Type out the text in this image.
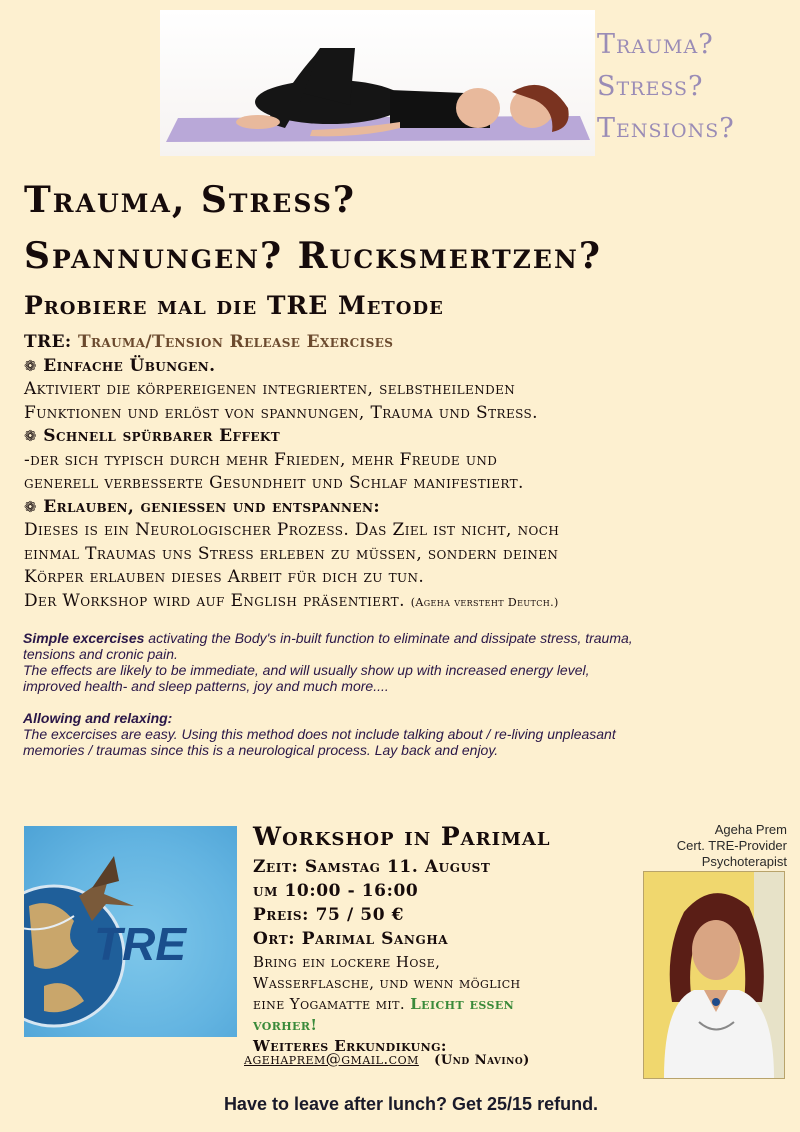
Trauma?
Stress?
Tensions?
Trauma, Stress?
Spannungen? Rucksmertzen?
Probiere mal die TRE Metode
TRE: Trauma/Tension Release Exercises
❁ Einfache Übungen.
Aktiviert die körpereigenen integrierten, selbstheilenden
Funktionen und erlöst von spannungen, Trauma und Stress.
❁ Schnell spürbarer Effekt
-der sich typisch durch mehr Frieden, mehr Freude und
generell verbesserte Gesundheit und Schlaf manifestiert.
❁ Erlauben, geniessen und entspannen:
Dieses is ein Neurologischer Prozess. Das Ziel ist nicht, noch
einmal Traumas uns Stress erleben zu müssen, sondern deinen
Körper erlauben dieses Arbeit für dich zu tun.
Der Workshop wird auf English präsentiert. (Ageha versteht Deutch.)

Simple excercises activating the Body's in-built function to eliminate and dissipate stress, trauma,
tensions and cronic pain.
The effects are likely to be immediate, and will usually show up with increased energy level,
improved health- and sleep patterns, joy and much more....

Allowing and relaxing:
The excercises are easy. Using this method does not include talking about / re-living unpleasant
memories / traumas since this is a neurological process. Lay back and enjoy.

TRE
Workshop in Parimal
Zeit: Samstag 11. August
um 10:00 - 16:00
Preis: 75 / 50 €
Ort: Parimal Sangha
Bring ein lockere Hose,
Wasserflasche, und wenn möglich
eine Yogamatte mit. Leicht essen
vorher!
Weiteres Erkundikung:
agehaprem@gmail.com (Und Navino)
Ageha Prem
Cert. TRE-Provider
Psychoterapist
Have to leave after lunch? Get 25/15 refund.
